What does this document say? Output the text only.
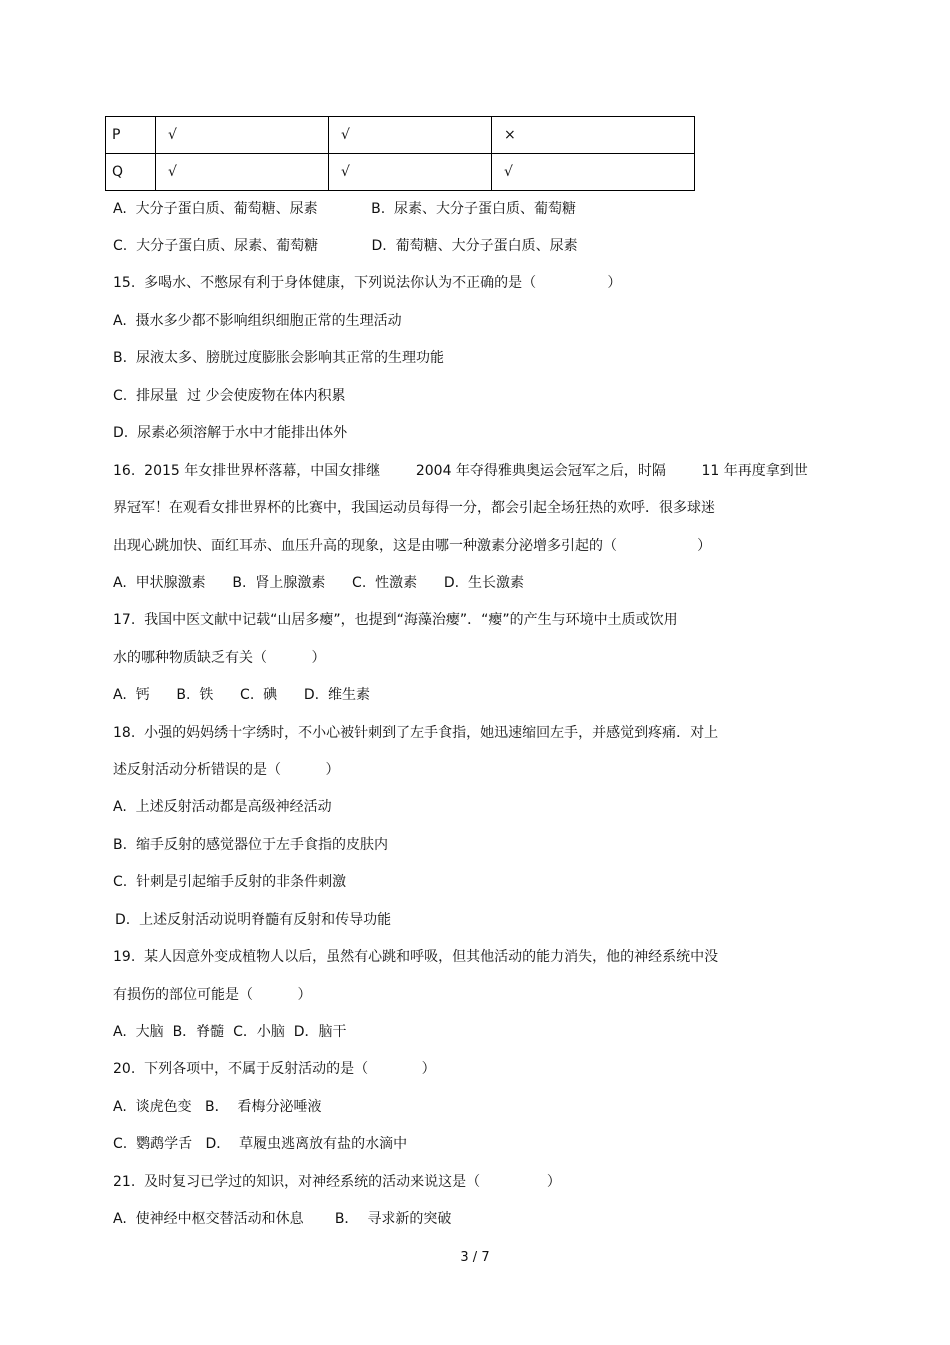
P	√	√	×
Q	√	√	√
A.  大分子蛋白质、葡萄糖、尿素            B.  尿素、大分子蛋白质、葡萄糖
C.  大分子蛋白质、尿素、葡萄糖            D.  葡萄糖、大分子蛋白质、尿素
15.  多喝水、不憋尿有利于身体健康，下列说法你认为不正确的是（                ）
A.  摄水多少都不影响组织细胞正常的生理活动
B.  尿液太多、膀胱过度膨胀会影响其正常的生理功能
C.  排尿量  过 少会使废物在体内积累
D.  尿素必须溶解于水中才能排出体外
16.  2015 年女排世界杯落幕，中国女排继        2004 年夺得雅典奥运会冠军之后，时隔        11 年再度拿到世
界冠军！在观看女排世界杯的比赛中，我国运动员每得一分，都会引起全场狂热的欢呼．很多球迷
出现心跳加快、面红耳赤、血压升高的现象，这是由哪一种激素分泌增多引起的（                  ）
A.  甲状腺激素      B.  肾上腺激素      C.  性激素      D.  生长激素
17.  我国中医文献中记载“山居多瘿”，也提到“海藻治瘿”．“瘿”的产生与环境中土质或饮用
水的哪种物质缺乏有关（          ）
A.  钙      B.  铁      C.  碘      D.  维生素
18.  小强的妈妈绣十字绣时，不小心被针刺到了左手食指，她迅速缩回左手，并感觉到疼痛．对上
述反射活动分析错误的是（          ）
A.  上述反射活动都是高级神经活动
B.  缩手反射的感觉器位于左手食指的皮肤内
C.  针刺是引起缩手反射的非条件刺激
D.  上述反射活动说明脊髓有反射和传导功能
19.  某人因意外变成植物人以后，虽然有心跳和呼吸，但其他活动的能力消失，他的神经系统中没
有损伤的部位可能是（          ）
A.  大脑  B．脊髓  C．小脑  D．脑干
20.  下列各项中，不属于反射活动的是（            ）
A.  谈虎色变   B．  看梅分泌唾液
C.  鹦鹉学舌   D．  草履虫逃离放有盐的水滴中
21.  及时复习已学过的知识，对神经系统的活动来说这是（               ）
A.  使神经中枢交替活动和休息       B．  寻求新的突破
3 / 7
